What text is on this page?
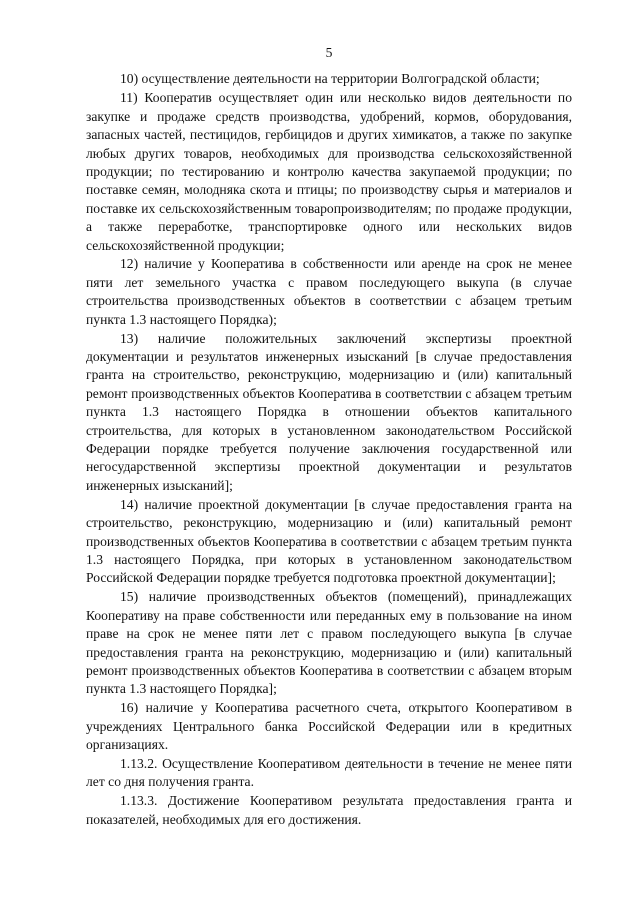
5

10) осуществление деятельности на территории Волгоградской области;

11) Кооператив осуществляет один или несколько видов деятельности по закупке и продаже средств производства, удобрений, кормов, оборудования, запасных частей, пестицидов, гербицидов и других химикатов, а также по закупке любых других товаров, необходимых для производства сельскохозяйственной продукции; по тестированию и контролю качества закупаемой продукции; по поставке семян, молодняка скота и птицы; по производству сырья и материалов и поставке их сельскохозяйственным товаропроизводителям; по продаже продукции, а также переработке, транспортировке одного или нескольких видов сельскохозяйственной продукции;

12) наличие у Кооператива в собственности или аренде на срок не менее пяти лет земельного участка с правом последующего выкупа (в случае строительства производственных объектов в соответствии с абзацем третьим пункта 1.3 настоящего Порядка);

13) наличие положительных заключений экспертизы проектной документации и результатов инженерных изысканий [в случае предоставления гранта на строительство, реконструкцию, модернизацию и (или) капитальный ремонт производственных объектов Кооператива в соответствии с абзацем третьим пункта 1.3 настоящего Порядка в отношении объектов капитального строительства, для которых в установленном законодательством Российской Федерации порядке требуется получение заключения государственной или негосударственной экспертизы проектной документации и результатов инженерных изысканий];

14) наличие проектной документации [в случае предоставления гранта на строительство, реконструкцию, модернизацию и (или) капитальный ремонт производственных объектов Кооператива в соответствии с абзацем третьим пункта 1.3 настоящего Порядка, при которых в установленном законодательством Российской Федерации порядке требуется подготовка проектной документации];

15) наличие производственных объектов (помещений), принадлежащих Кооперативу на праве собственности или переданных ему в пользование на ином праве на срок не менее пяти лет с правом последующего выкупа [в случае предоставления гранта на реконструкцию, модернизацию и (или) капитальный ремонт производственных объектов Кооператива в соответствии с абзацем вторым пункта 1.3 настоящего Порядка];

16) наличие у Кооператива расчетного счета, открытого Кооперативом в учреждениях Центрального банка Российской Федерации или в кредитных организациях.

1.13.2. Осуществление Кооперативом деятельности в течение не менее пяти лет со дня получения гранта.

1.13.3. Достижение Кооперативом результата предоставления гранта и показателей, необходимых для его достижения.
